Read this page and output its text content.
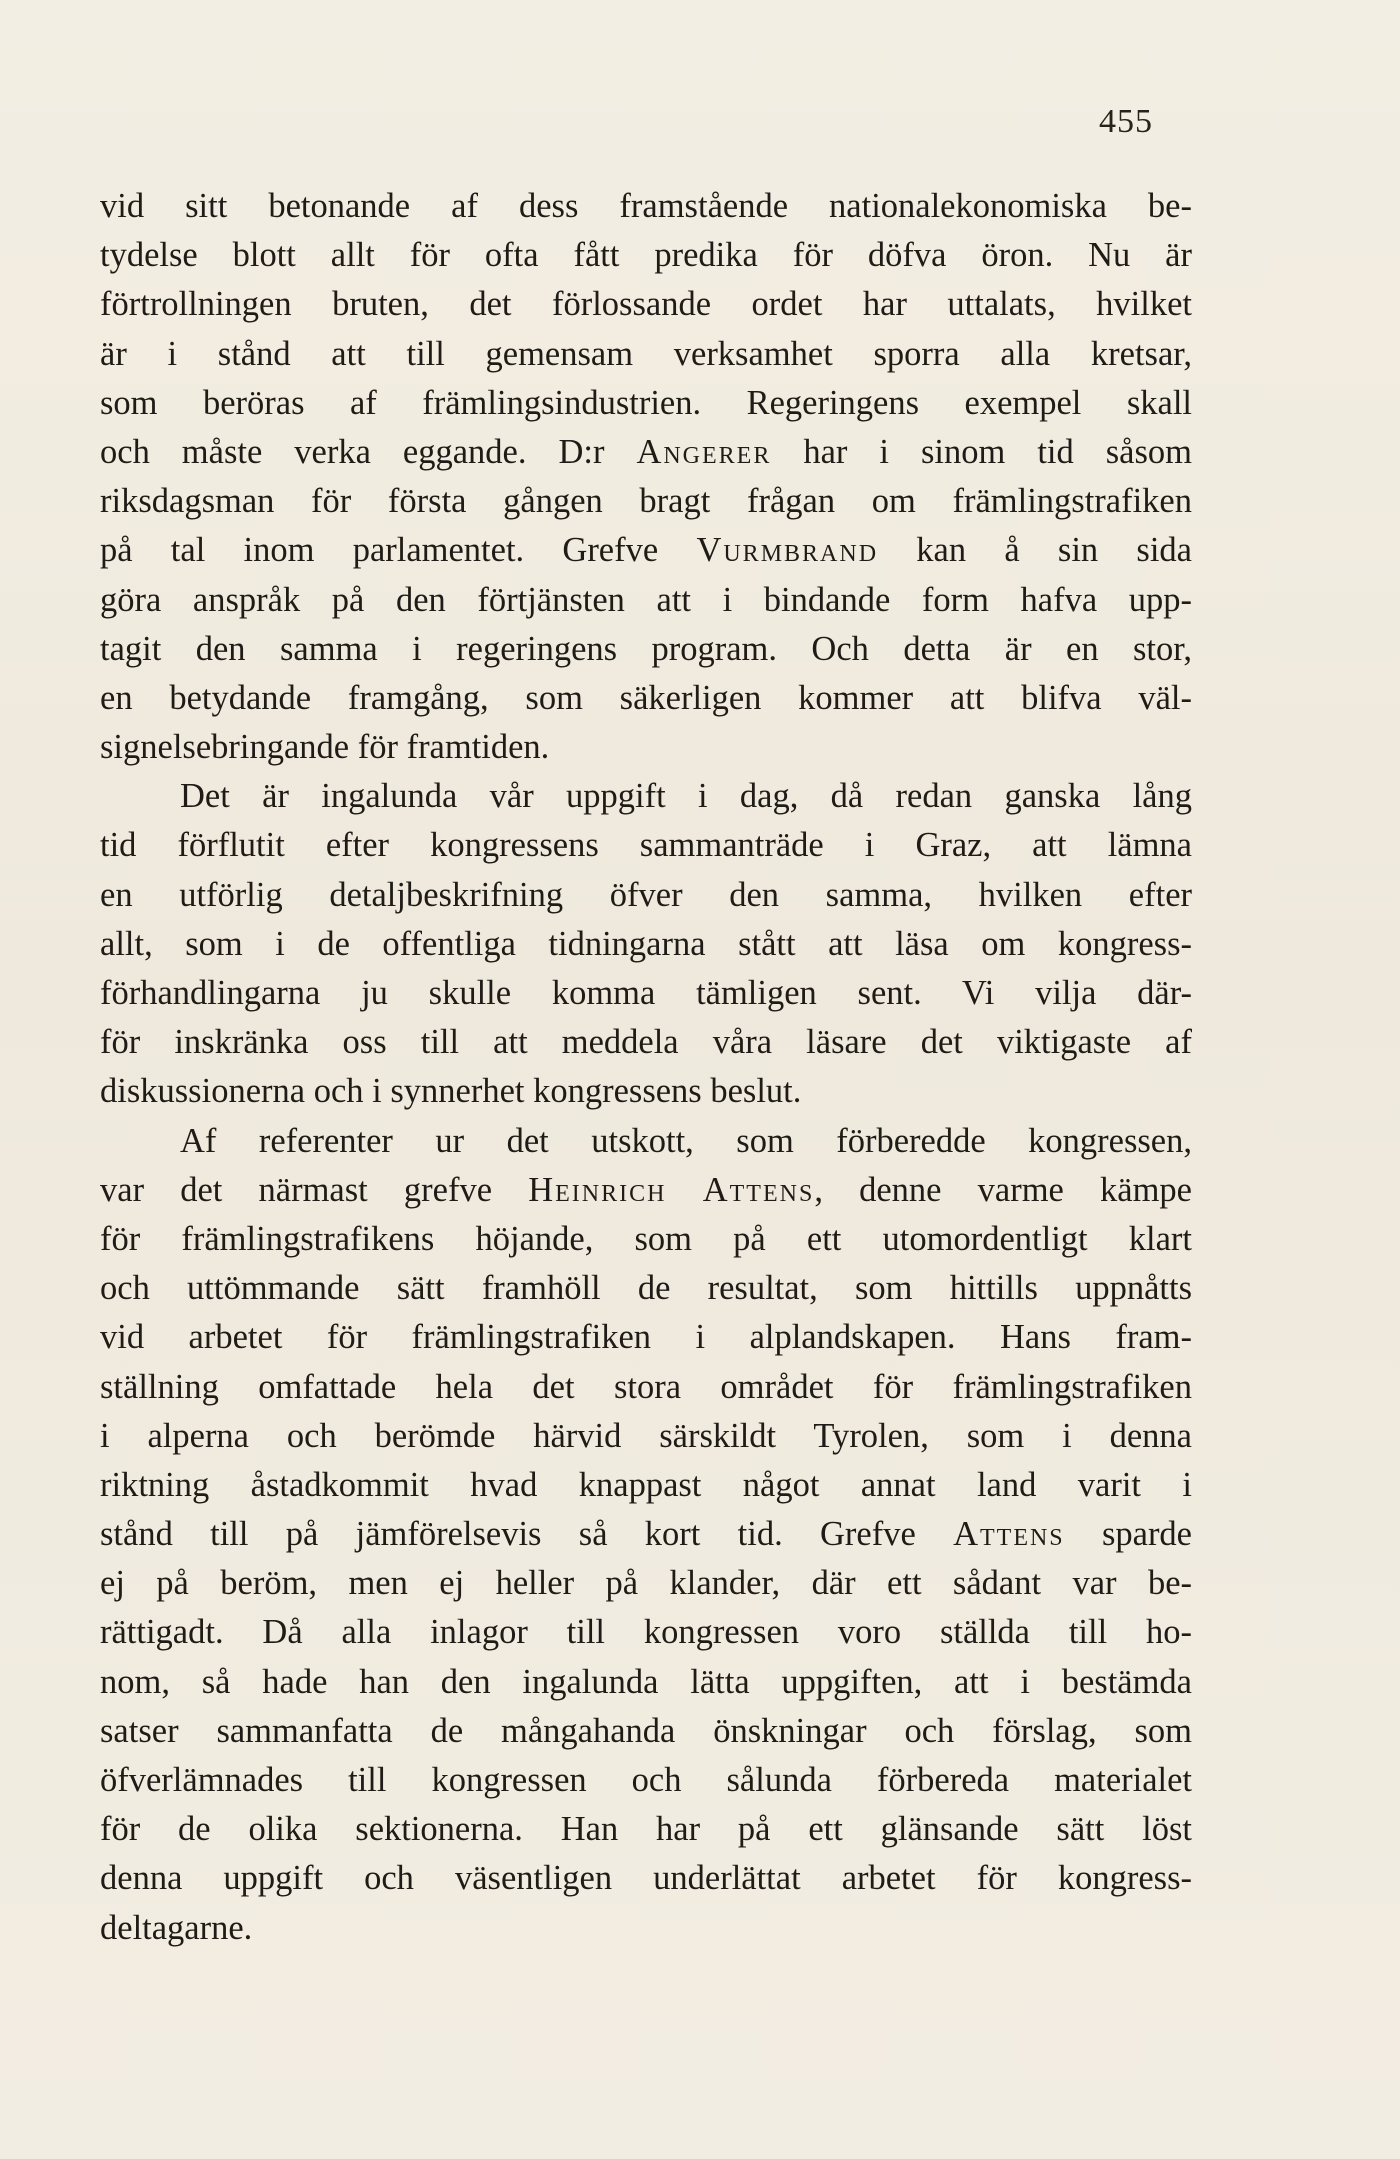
455
vid sitt betonande af dess framstående nationalekonomiska be-
tydelse blott allt för ofta fått predika för döfva öron. Nu är
förtrollningen bruten, det förlossande ordet har uttalats, hvilket
är i stånd att till gemensam verksamhet sporra alla kretsar,
som beröras af främlingsindustrien. Regeringens exempel skall
och måste verka eggande. D:r Angerer har i sinom tid såsom
riksdagsman för första gången bragt frågan om främlingstrafiken
på tal inom parlamentet. Grefve Vurmbrand kan å sin sida
göra anspråk på den förtjänsten att i bindande form hafva upp-
tagit den samma i regeringens program. Och detta är en stor,
en betydande framgång, som säkerligen kommer att blifva väl-
signelsebringande för framtiden.
Det är ingalunda vår uppgift i dag, då redan ganska lång
tid förflutit efter kongressens sammanträde i Graz, att lämna
en utförlig detaljbeskrifning öfver den samma, hvilken efter
allt, som i de offentliga tidningarna stått att läsa om kongress-
förhandlingarna ju skulle komma tämligen sent. Vi vilja där-
för inskränka oss till att meddela våra läsare det viktigaste af
diskussionerna och i synnerhet kongressens beslut.
Af referenter ur det utskott, som förberedde kongressen,
var det närmast grefve Heinrich Attens, denne varme kämpe
för främlingstrafikens höjande, som på ett utomordentligt klart
och uttömmande sätt framhöll de resultat, som hittills uppnåtts
vid arbetet för främlingstrafiken i alplandskapen. Hans fram-
ställning omfattade hela det stora området för främlingstrafiken
i alperna och berömde härvid särskildt Tyrolen, som i denna
riktning åstadkommit hvad knappast något annat land varit i
stånd till på jämförelsevis så kort tid. Grefve Attens sparde
ej på beröm, men ej heller på klander, där ett sådant var be-
rättigadt. Då alla inlagor till kongressen voro ställda till ho-
nom, så hade han den ingalunda lätta uppgiften, att i bestämda
satser sammanfatta de mångahanda önskningar och förslag, som
öfverlämnades till kongressen och sålunda förbereda materialet
för de olika sektionerna. Han har på ett glänsande sätt löst
denna uppgift och väsentligen underlättat arbetet för kongress-
deltagarne.
